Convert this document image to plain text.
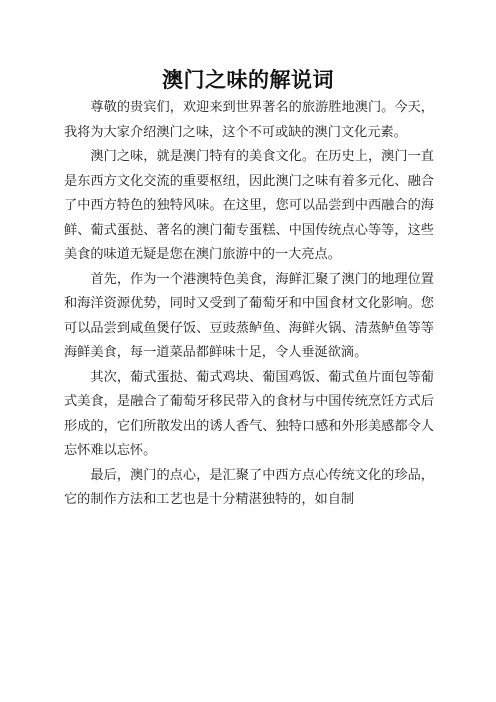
澳门之味的解说词

尊敬的贵宾们，欢迎来到世界著名的旅游胜地澳门。今天，我将为大家介绍澳门之味，这个不可或缺的澳门文化元素。

澳门之味，就是澳门特有的美食文化。在历史上，澳门一直是东西方文化交流的重要枢纽，因此澳门之味有着多元化、融合了中西方特色的独特风味。在这里，您可以品尝到中西融合的海鲜、葡式蛋挞、著名的澳门葡专蛋糕、中国传统点心等等，这些美食的味道无疑是您在澳门旅游中的一大亮点。

首先，作为一个港澳特色美食，海鲜汇聚了澳门的地理位置和海洋资源优势，同时又受到了葡萄牙和中国食材文化影响。您可以品尝到咸鱼煲仔饭、豆豉蒸鲈鱼、海鲜火锅、清蒸鲈鱼等等海鲜美食，每一道菜品都鲜味十足，令人垂涎欲滴。

其次，葡式蛋挞、葡式鸡块、葡国鸡饭、葡式鱼片面包等葡式美食，是融合了葡萄牙移民带入的食材与中国传统烹饪方式后形成的，它们所散发出的诱人香气、独特口感和外形美感都令人忘怀难以忘怀。

最后，澳门的点心，是汇聚了中西方点心传统文化的珍品，它的制作方法和工艺也是十分精湛独特的，如自制
